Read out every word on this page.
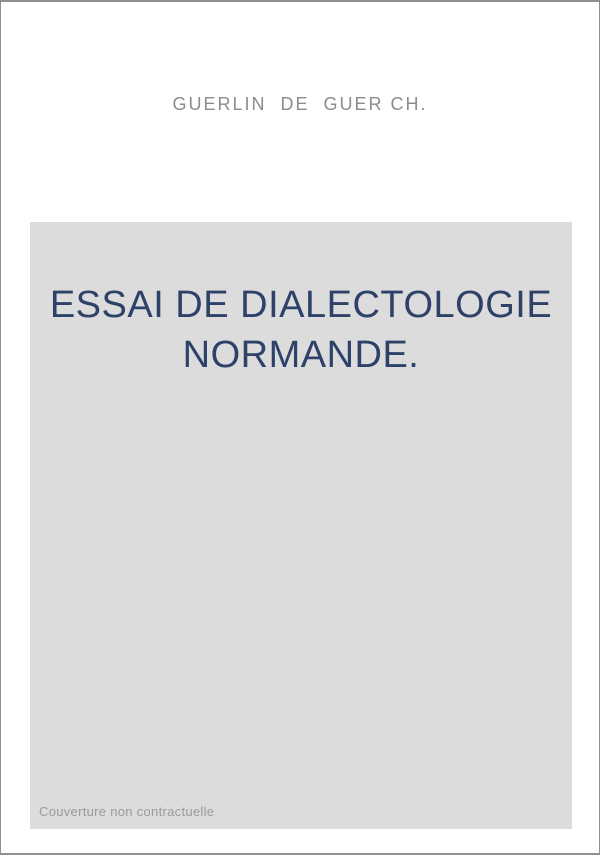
GUERLIN  DE  GUER CH.
ESSAI DE DIALECTOLOGIE
NORMANDE.
Couverture non contractuelle
